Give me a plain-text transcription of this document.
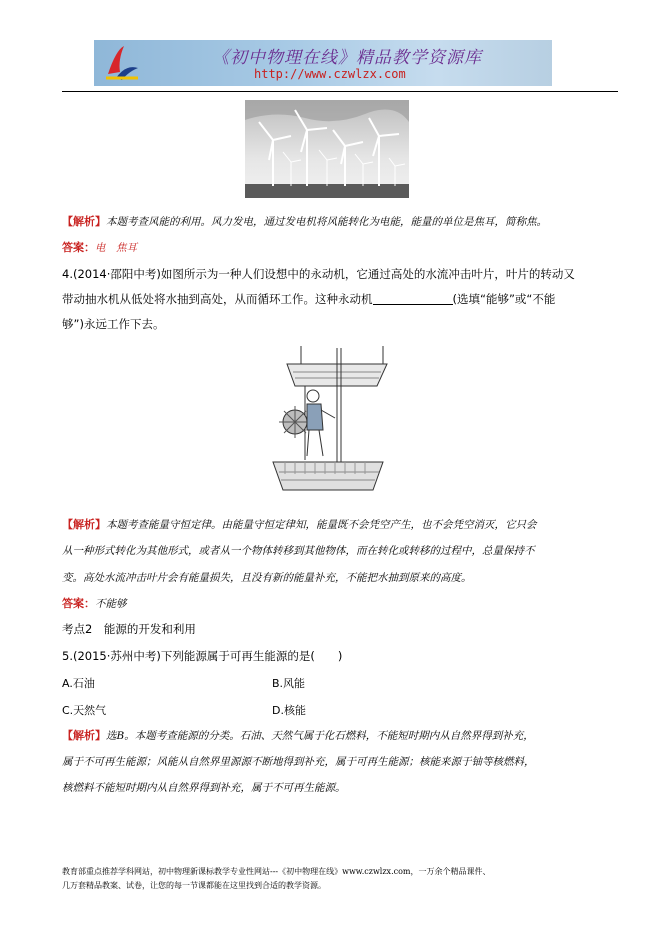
《初中物理在线》精品教学资源库
http://www.czwlzx.com
【解析】本题考查风能的利用。风力发电，通过发电机将风能转化为电能，能量的单位是焦耳，简称焦。
答案：电　焦耳
4.(2014·邵阳中考)如图所示为一种人们设想中的永动机，它通过高处的水流冲击叶片，叶片的转动又
带动抽水机从低处将水抽到高处，从而循环工作。这种永动机	(选填“能够”或“不能
够”)永远工作下去。
【解析】本题考查能量守恒定律。由能量守恒定律知，能量既不会凭空产生，也不会凭空消灭，它只会
从一种形式转化为其他形式，或者从一个物体转移到其他物体，而在转化或转移的过程中，总量保持不
变。高处水流冲击叶片会有能量损失，且没有新的能量补充，不能把水抽到原来的高度。
答案：不能够
考点2　能源的开发和利用
5.(2015·苏州中考)下列能源属于可再生能源的是(　　)
A.石油	B.风能
C.天然气	D.核能
【解析】选B。本题考查能源的分类。石油、天然气属于化石燃料，不能短时期内从自然界得到补充，
属于不可再生能源；风能从自然界里源源不断地得到补充，属于可再生能源；核能来源于铀等核燃料，
核燃料不能短时期内从自然界得到补充，属于不可再生能源。
教育部重点推荐学科网站，初中物理新课标教学专业性网站---《初中物理在线》www.czwlzx.com，一万余个精品课件、
几万套精品教案、试卷，让您的每一节课都能在这里找到合适的教学资源。
